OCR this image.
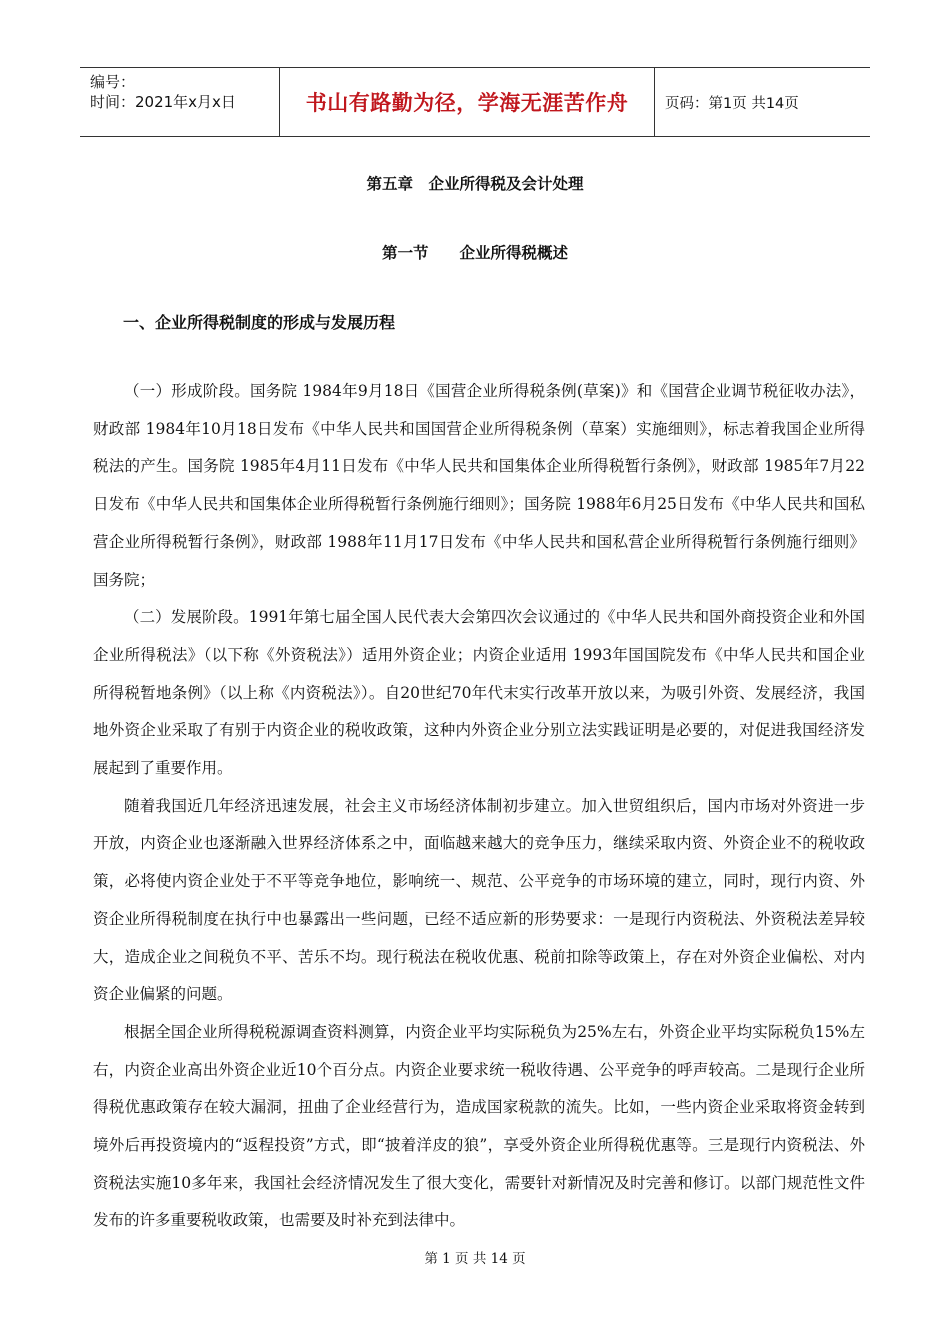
编号：
时间：2021年x月x日	书山有路勤为径，学海无涯苦作舟	页码：第1页 共14页
第五章　企业所得税及会计处理
第一节　　企业所得税概述
一、企业所得税制度的形成与发展历程

（一）形成阶段。国务院 1984年9月18日《国营企业所得税条例(草案)》和《国营企业调节税征收办法》，财政部 1984年10月18日发布《中华人民共和国国营企业所得税条例（草案）实施细则》，标志着我国企业所得税法的产生。国务院 1985年4月11日发布《中华人民共和国集体企业所得税暂行条例》，财政部 1985年7月22日发布《中华人民共和国集体企业所得税暂行条例施行细则》；国务院 1988年6月25日发布《中华人民共和国私营企业所得税暂行条例》，财政部 1988年11月17日发布《中华人民共和国私营企业所得税暂行条例施行细则》国务院；

（二）发展阶段。1991年第七届全国人民代表大会第四次会议通过的《中华人民共和国外商投资企业和外国企业所得税法》（以下称《外资税法》）适用外资企业；内资企业适用 1993年国国院发布《中华人民共和国企业所得税暂地条例》（以上称《内资税法》）。自20世纪70年代末实行改革开放以来，为吸引外资、发展经济，我国地外资企业采取了有别于内资企业的税收政策，这种内外资企业分别立法实践证明是必要的，对促进我国经济发展起到了重要作用。

随着我国近几年经济迅速发展，社会主义市场经济体制初步建立。加入世贸组织后，国内市场对外资进一步开放，内资企业也逐渐融入世界经济体系之中，面临越来越大的竞争压力，继续采取内资、外资企业不的税收政策，必将使内资企业处于不平等竞争地位，影响统一、规范、公平竞争的市场环境的建立，同时，现行内资、外资企业所得税制度在执行中也暴露出一些问题，已经不适应新的形势要求：一是现行内资税法、外资税法差异较大，造成企业之间税负不平、苦乐不均。现行税法在税收优惠、税前扣除等政策上，存在对外资企业偏松、对内资企业偏紧的问题。

根据全国企业所得税税源调查资料测算，内资企业平均实际税负为25%左右，外资企业平均实际税负15%左右，内资企业高出外资企业近10个百分点。内资企业要求统一税收待遇、公平竞争的呼声较高。二是现行企业所得税优惠政策存在较大漏洞，扭曲了企业经营行为，造成国家税款的流失。比如，一些内资企业采取将资金转到境外后再投资境内的“返程投资”方式，即“披着洋皮的狼”，享受外资企业所得税优惠等。三是现行内资税法、外资税法实施10多年来，我国社会经济情况发生了很大变化，需要针对新情况及时完善和修订。以部门规范性文件发布的许多重要税收政策，也需要及时补充到法律中。

第 1 页 共 14 页
